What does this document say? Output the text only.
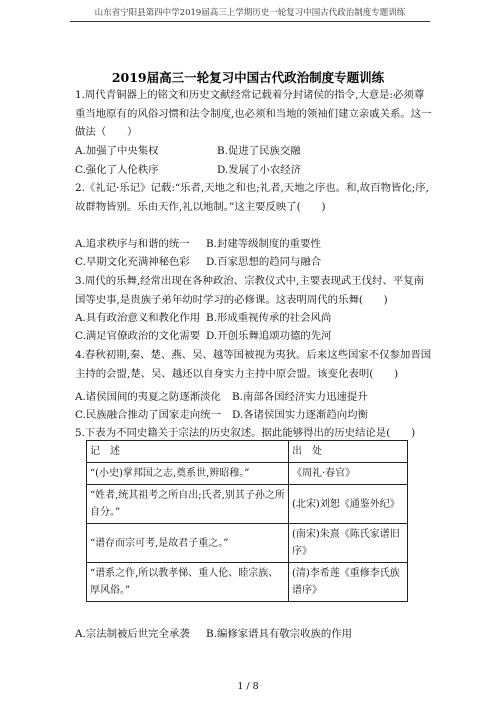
山东省宁阳县第四中学2019届高三上学期历史一轮复习中国古代政治制度专题训练
2019届高三一轮复习中国古代政治制度专题训练
1.周代青铜器上的铭文和历史文献经常记载着分封诸侯的指令,大意是:必须尊重当地原有的风俗习惯和法令制度,也必须和当地的领袖们建立亲戚关系。这一做法（　　）
A.加强了中央集权	B.促进了民族交融
C.强化了人伦秩序	D.发展了小农经济
2.《礼记·乐记》记载:“乐者,天地之和也;礼者,天地之序也。和,故百物皆化;序,故群物皆别。乐由天作,礼以地制。”这主要反映了(　　)
A.追求秩序与和谐的统一 B.封建等级制度的重要性
C.早期文化充满神秘色彩 D.百家思想的趋同与融合
3.周代的乐舞,经常出现在各种政治、宗教仪式中,主要表现武王伐纣、平复南国等史事,是贵族子弟年幼时学习的必修课。这表明周代的乐舞(　　)
A.具有政治意义和教化作用 B.形成重视传承的社会风尚
C.满足官僚政治的文化需要 D.开创乐舞追颂功德的先河
4.春秋初期,秦、楚、燕、吴、越等国被视为夷狄。后来这些国家不仅参加晋国主持的会盟,楚、吴、越还以自身实力主持中原会盟。该变化表明(　　)
A.诸侯国间的夷夏之防逐渐淡化 B.南部各国经济实力迅速提升
记　述	出　处
“(小史)掌邦国之志,奠系世,辨昭穆。”	《周礼·春官》
“姓者,统其祖考之所自出;氏者,别其子孙之所自分。”	(北宋)刘恕《通鉴外纪》
“谱存而宗可考,是故君子重之。”	(南宋)朱熹《陈氏家谱旧序》
“谱系之作,所以教孝悌、重人伦、睦宗族、厚风俗。”	(清)李希莲《重修李氏族谱序》
C.民族融合推动了国家走向统一 D.各诸侯国实力逐渐趋向均衡
5.下表为不同史籍关于宗法的历史叙述。据此能够得出的历史结论是(　　)
A.宗法制被后世完全承袭 B.编修家谱具有敬宗收族的作用
1 / 8
